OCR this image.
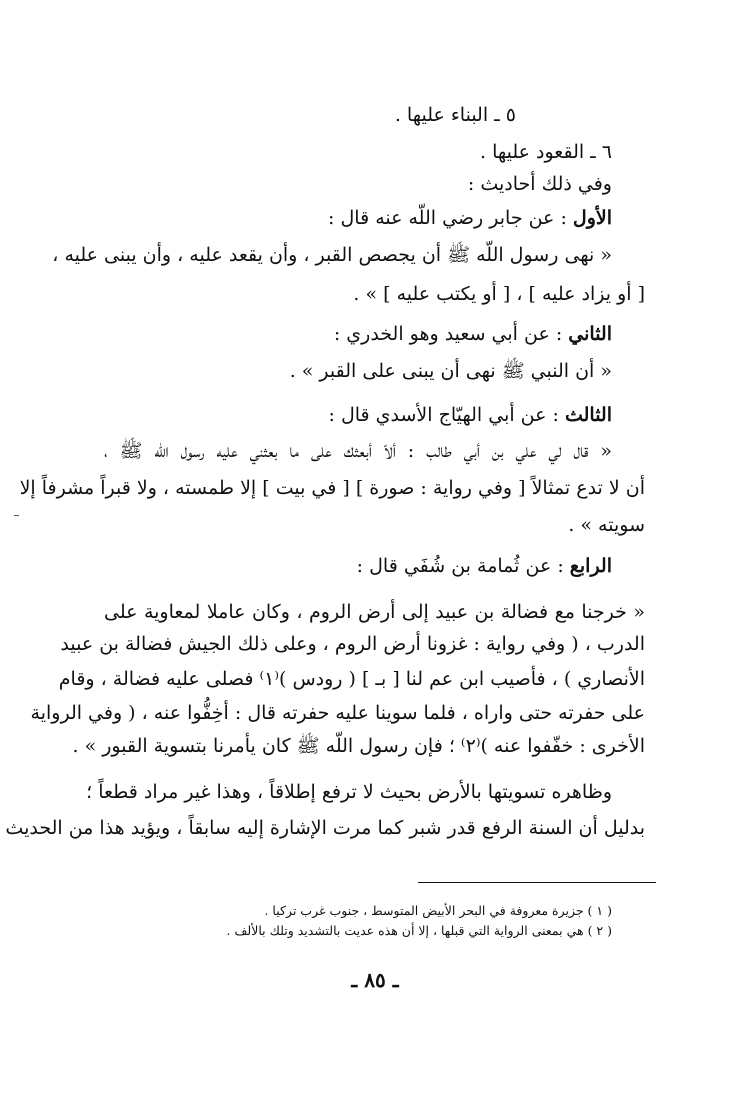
٥ ـ البناء عليها .
٦ ـ القعود عليها .
وفي ذلك أحاديث :
الأول : عن جابر رضي اللّه عنه قال :
« نهى رسول اللّه ﷺ أن يجصص القبر ، وأن يقعد عليه ، وأن يبنى عليه ،
[ أو يزاد عليه ] ، [ أو يكتب عليه ] » .
الثاني : عن أبي سعيد وهو الخدري :
« أن النبي ﷺ نهى أن يبنى على القبر » .
الثالث : عن أبي الهيّاج الأسدي قال :
« قال لي علي بن أبي طالب : ألاّ أبعثك على ما بعثني عليه رسول اللّه ﷺ ،
أن لا تدع تمثالاً [ وفي رواية : صورة ] [ في بيت ] إلا طمسته ، ولا قبراً مشرفاً إلا
سويته » .
الرابع : عن ثُمامة بن شُفَي قال :
« خرجنا مع فضالة بن عبيد إلى أرض الروم ، وكان عاملا لمعاوية على
الدرب ، ( وفي رواية : غزونا أرض الروم ، وعلى ذلك الجيش فضالة بن عبيد
الأنصاري ) ، فأصيب ابن عم لنا [ بـ ] ( رودس )⁽١⁾ فصلى عليه فضالة ، وقام
على حفرته حتى واراه ، فلما سوينا عليه حفرته قال : أخِفُّوا عنه ، ( وفي الرواية
الأخرى : خفّفوا عنه )⁽٢⁾ ؛ فإن رسول اللّه ﷺ كان يأمرنا بتسوية القبور » .
وظاهره تسويتها بالأرض بحيث لا ترفع إطلاقاً ، وهذا غير مراد قطعاً ؛
بدليل أن السنة الرفع قدر شبر كما مرت الإشارة إليه سابقاً ، ويؤيد هذا من الحديث
( ١ ) جزيرة معروفة في البحر الأبيض المتوسط ، جنوب غرب تركيا .
( ٢ ) هي بمعنى الرواية التي قبلها ، إلا أن هذه عديت بالتشديد وتلك بالألف .
ـ ٨٥ ـ
